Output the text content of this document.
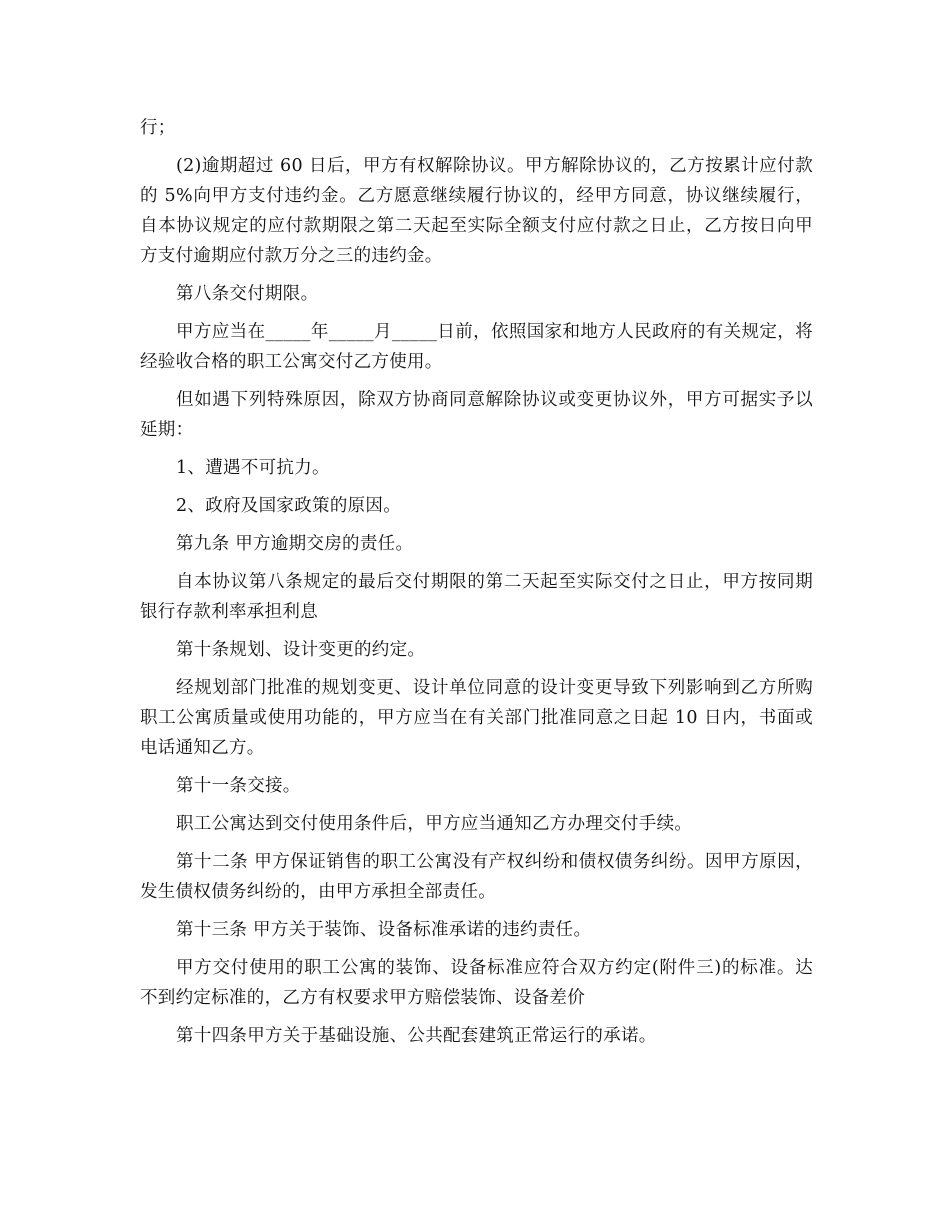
行；

(2)逾期超过 60 日后，甲方有权解除协议。甲方解除协议的，乙方按累计应付款的 5%向甲方支付违约金。乙方愿意继续履行协议的，经甲方同意，协议继续履行，自本协议规定的应付款期限之第二天起至实际全额支付应付款之日止，乙方按日向甲方支付逾期应付款万分之三的违约金。

第八条交付期限。

甲方应当在_____年_____月_____日前，依照国家和地方人民政府的有关规定，将经验收合格的职工公寓交付乙方使用。

但如遇下列特殊原因，除双方协商同意解除协议或变更协议外，甲方可据实予以延期：

1、遭遇不可抗力。

2、政府及国家政策的原因。

第九条 甲方逾期交房的责任。

自本协议第八条规定的最后交付期限的第二天起至实际交付之日止，甲方按同期银行存款利率承担利息

第十条规划、设计变更的约定。

经规划部门批准的规划变更、设计单位同意的设计变更导致下列影响到乙方所购职工公寓质量或使用功能的，甲方应当在有关部门批准同意之日起 10 日内，书面或电话通知乙方。

第十一条交接。

职工公寓达到交付使用条件后，甲方应当通知乙方办理交付手续。

第十二条 甲方保证销售的职工公寓没有产权纠纷和债权债务纠纷。因甲方原因，发生债权债务纠纷的，由甲方承担全部责任。

第十三条 甲方关于装饰、设备标准承诺的违约责任。

甲方交付使用的职工公寓的装饰、设备标准应符合双方约定(附件三)的标准。达不到约定标准的，乙方有权要求甲方赔偿装饰、设备差价

第十四条甲方关于基础设施、公共配套建筑正常运行的承诺。
